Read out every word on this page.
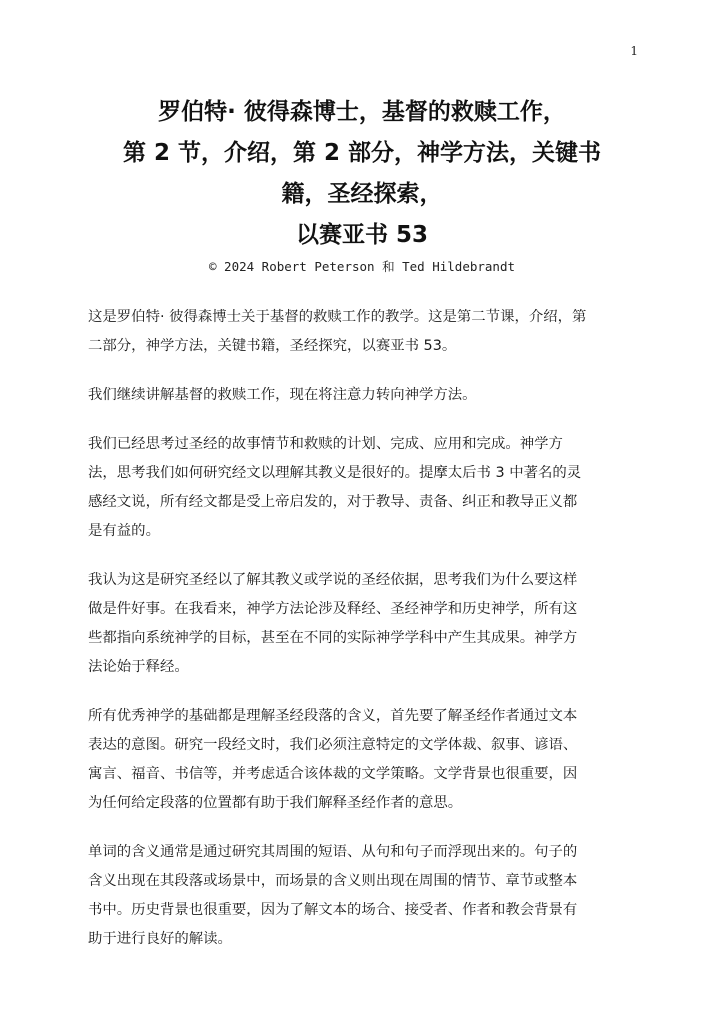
1
罗伯特· 彼得森博士，基督的救赎工作，
第 2 节，介绍，第 2 部分，神学方法，关键书
籍，圣经探索，
以赛亚书 53
© 2024 Robert Peterson 和 Ted Hildebrandt

这是罗伯特· 彼得森博士关于基督的救赎工作的教学。这是第二节课，介绍，第
二部分，神学方法，关键书籍，圣经探究，以赛亚书 53。

我们继续讲解基督的救赎工作，现在将注意力转向神学方法。

我们已经思考过圣经的故事情节和救赎的计划、完成、应用和完成。神学方
法，思考我们如何研究经文以理解其教义是很好的。提摩太后书 3 中著名的灵
感经文说，所有经文都是受上帝启发的，对于教导、责备、纠正和教导正义都
是有益的。

我认为这是研究圣经以了解其教义或学说的圣经依据，思考我们为什么要这样
做是件好事。在我看来，神学方法论涉及释经、圣经神学和历史神学，所有这
些都指向系统神学的目标，甚至在不同的实际神学学科中产生其成果。神学方
法论始于释经。

所有优秀神学的基础都是理解圣经段落的含义，首先要了解圣经作者通过文本
表达的意图。研究一段经文时，我们必须注意特定的文学体裁、叙事、谚语、
寓言、福音、书信等，并考虑适合该体裁的文学策略。文学背景也很重要，因
为任何给定段落的位置都有助于我们解释圣经作者的意思。

单词的含义通常是通过研究其周围的短语、从句和句子而浮现出来的。句子的
含义出现在其段落或场景中，而场景的含义则出现在周围的情节、章节或整本
书中。历史背景也很重要，因为了解文本的场合、接受者、作者和教会背景有
助于进行良好的解读。
